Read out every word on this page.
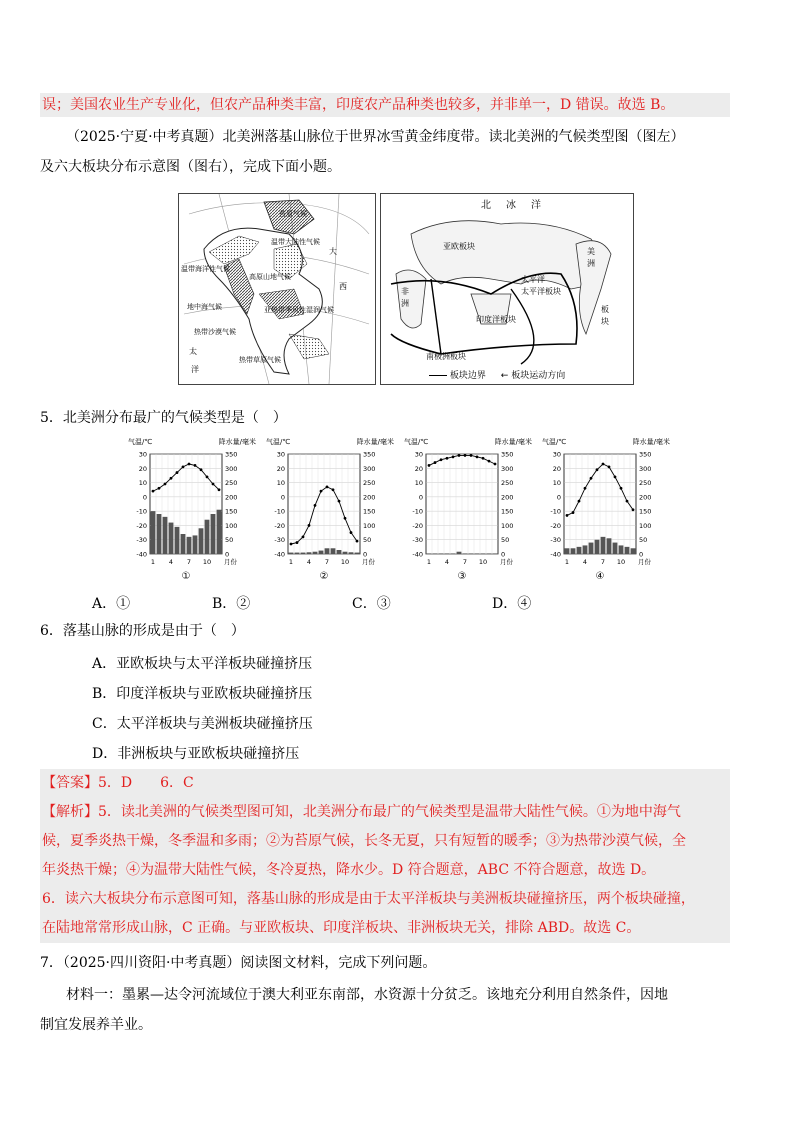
误；美国农业生产专业化，但农产品种类丰富，印度农产品种类也较多，并非单一，D 错误。故选 B。
（2025·宁夏·中考真题）北美洲落基山脉位于世界冰雪黄金纬度带。读北美洲的气候类型图（图左）
及六大板块分布示意图（图右），完成下面小题。
苔原气候
温带大陆性气候
温带海洋性气候
高原山地气候
地中海气候	亚热带季风性湿润气候
热带沙漠气候
热带草原气候
大
西
太
洋
北 冰 洋
亚欧板块
太平洋
太平洋板块
印度洋板块
非
洲
美
洲
板
块
南极洲板块
板块边界 ← 板块运动方向
5．北美洲分布最广的气候类型是（　）
气温/℃	降水量/毫米
-40
-30
-20
-10
0
10
20
30
0
50
100
150
200
250
300
350
1 4 7 10 月份
①
气温/℃	降水量/毫米
-40
-30
-20
-10
0
10
20
30
0
50
100
150
200
250
300
350
1 4 7 10 月份
②
气温/℃	降水量/毫米
-40
-30
-20
-10
0
10
20
30
0
50
100
150
200
250
300
350
1 4 7 10 月份
③
气温/℃	降水量/毫米
-40
-30
-20
-10
0
10
20
30
0
50
100
150
200
250
300
350
1 4 7 10 月份
④
A．①	B．②	C．③	D．④
6．落基山脉的形成是由于（　）
A．亚欧板块与太平洋板块碰撞挤压
B．印度洋板块与亚欧板块碰撞挤压
C．太平洋板块与美洲板块碰撞挤压
D．非洲板块与亚欧板块碰撞挤压
【答案】5．D　　6．C
【解析】5．读北美洲的气候类型图可知，北美洲分布最广的气候类型是温带大陆性气候。①为地中海气
候，夏季炎热干燥，冬季温和多雨；②为苔原气候，长冬无夏，只有短暂的暖季；③为热带沙漠气候，全
年炎热干燥；④为温带大陆性气候，冬冷夏热，降水少。D 符合题意，ABC 不符合题意，故选 D。
6．读六大板块分布示意图可知，落基山脉的形成是由于太平洋板块与美洲板块碰撞挤压，两个板块碰撞，
在陆地常常形成山脉，C 正确。与亚欧板块、印度洋板块、非洲板块无关，排除 ABD。故选 C。
7．（2025·四川资阳·中考真题）阅读图文材料，完成下列问题。
材料一：墨累—达令河流域位于澳大利亚东南部，水资源十分贫乏。该地充分利用自然条件，因地
制宜发展养羊业。
